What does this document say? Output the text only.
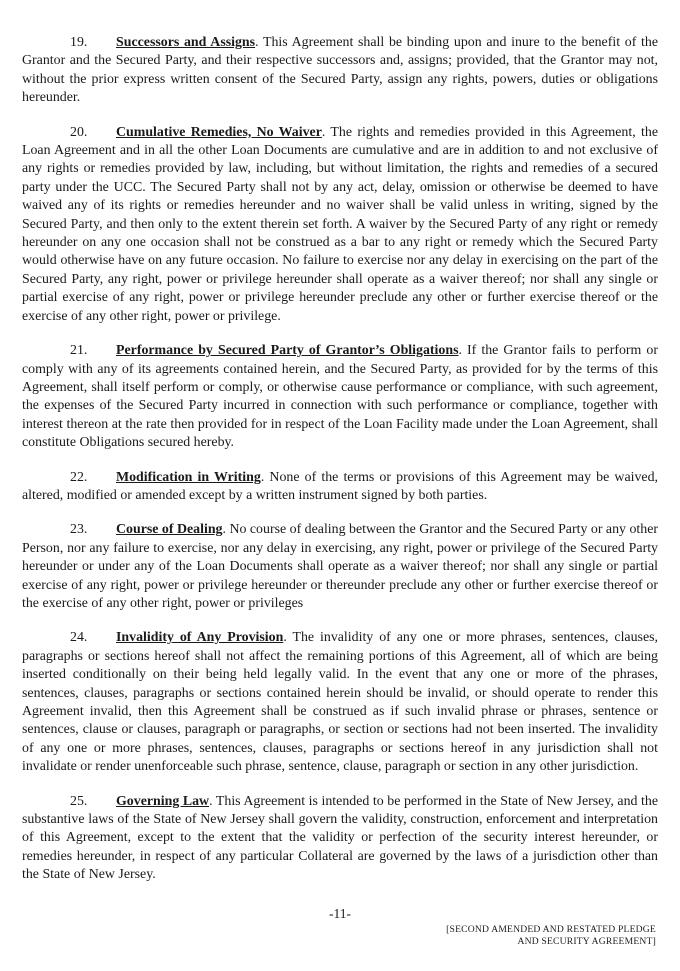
19. Successors and Assigns. This Agreement shall be binding upon and inure to the benefit of the Grantor and the Secured Party, and their respective successors and, assigns; provided, that the Grantor may not, without the prior express written consent of the Secured Party, assign any rights, powers, duties or obligations hereunder.

20. Cumulative Remedies, No Waiver. The rights and remedies provided in this Agreement, the Loan Agreement and in all the other Loan Documents are cumulative and are in addition to and not exclusive of any rights or remedies provided by law, including, but without limitation, the rights and remedies of a secured party under the UCC. The Secured Party shall not by any act, delay, omission or otherwise be deemed to have waived any of its rights or remedies hereunder and no waiver shall be valid unless in writing, signed by the Secured Party, and then only to the extent therein set forth. A waiver by the Secured Party of any right or remedy hereunder on any one occasion shall not be construed as a bar to any right or remedy which the Secured Party would otherwise have on any future occasion. No failure to exercise nor any delay in exercising on the part of the Secured Party, any right, power or privilege hereunder shall operate as a waiver thereof; nor shall any single or partial exercise of any right, power or privilege hereunder preclude any other or further exercise thereof or the exercise of any other right, power or privilege.

21. Performance by Secured Party of Grantor’s Obligations. If the Grantor fails to perform or comply with any of its agreements contained herein, and the Secured Party, as provided for by the terms of this Agreement, shall itself perform or comply, or otherwise cause performance or compliance, with such agreement, the expenses of the Secured Party incurred in connection with such performance or compliance, together with interest thereon at the rate then provided for in respect of the Loan Facility made under the Loan Agreement, shall constitute Obligations secured hereby.

22. Modification in Writing. None of the terms or provisions of this Agreement may be waived, altered, modified or amended except by a written instrument signed by both parties.

23. Course of Dealing. No course of dealing between the Grantor and the Secured Party or any other Person, nor any failure to exercise, nor any delay in exercising, any right, power or privilege of the Secured Party hereunder or under any of the Loan Documents shall operate as a waiver thereof; nor shall any single or partial exercise of any right, power or privilege hereunder or thereunder preclude any other or further exercise thereof or the exercise of any other right, power or privileges

24. Invalidity of Any Provision. The invalidity of any one or more phrases, sentences, clauses, paragraphs or sections hereof shall not affect the remaining portions of this Agreement, all of which are being inserted conditionally on their being held legally valid. In the event that any one or more of the phrases, sentences, clauses, paragraphs or sections contained herein should be invalid, or should operate to render this Agreement invalid, then this Agreement shall be construed as if such invalid phrase or phrases, sentence or sentences, clause or clauses, paragraph or paragraphs, or section or sections had not been inserted. The invalidity of any one or more phrases, sentences, clauses, paragraphs or sections hereof in any jurisdiction shall not invalidate or render unenforceable such phrase, sentence, clause, paragraph or section in any other jurisdiction.

25. Governing Law. This Agreement is intended to be performed in the State of New Jersey, and the substantive laws of the State of New Jersey shall govern the validity, construction, enforcement and interpretation of this Agreement, except to the extent that the validity or perfection of the security interest hereunder, or remedies hereunder, in respect of any particular Collateral are governed by the laws of a jurisdiction other than the State of New Jersey.

-11-
[SECOND AMENDED AND RESTATED PLEDGE
AND SECURITY AGREEMENT]
